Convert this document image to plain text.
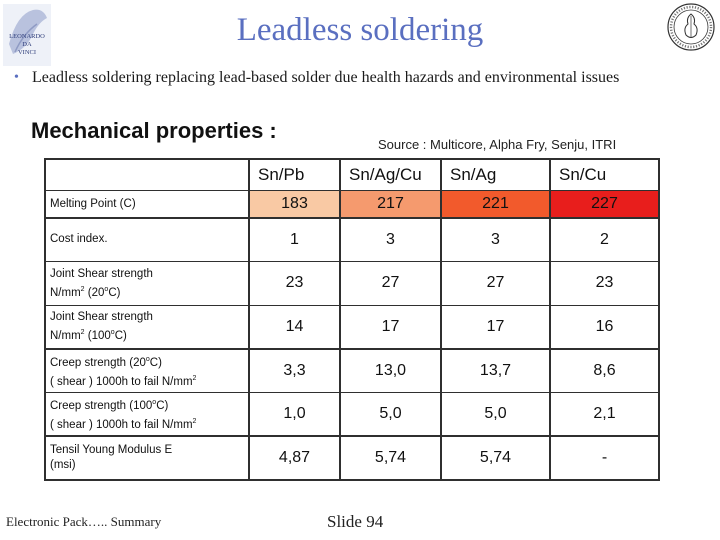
LEONARDO
DA
VINCI
Leadless soldering
• Leadless soldering replacing lead-based solder due health hazards and environmental issues
Mechanical properties :
Source : Multicore, Alpha Fry, Senju, ITRI
Sn/Pb	Sn/Ag/Cu	Sn/Ag	Sn/Cu
Melting Point (C)	183	217	221	227
Cost index.	1	3	3	2
Joint Shear strength
$N/mm^2$ (20$^o$C)
23	27	27	23
Joint Shear strength
$N/mm^2$ (100$^o$C)
14	17	17	16
Creep strength (20$^o$C)
( shear ) 1000h to fail $N/mm^2$	3,3	13,0	13,7	8,6
Creep strength (100$^o$C)
( shear ) 1000h to fail $N/mm^2$	1,0	5,0	5,0	2,1
Tensil Young Modulus E
(msi)	4,87	5,74	5,74	-
Electronic Pack….. Summary	Slide 94
